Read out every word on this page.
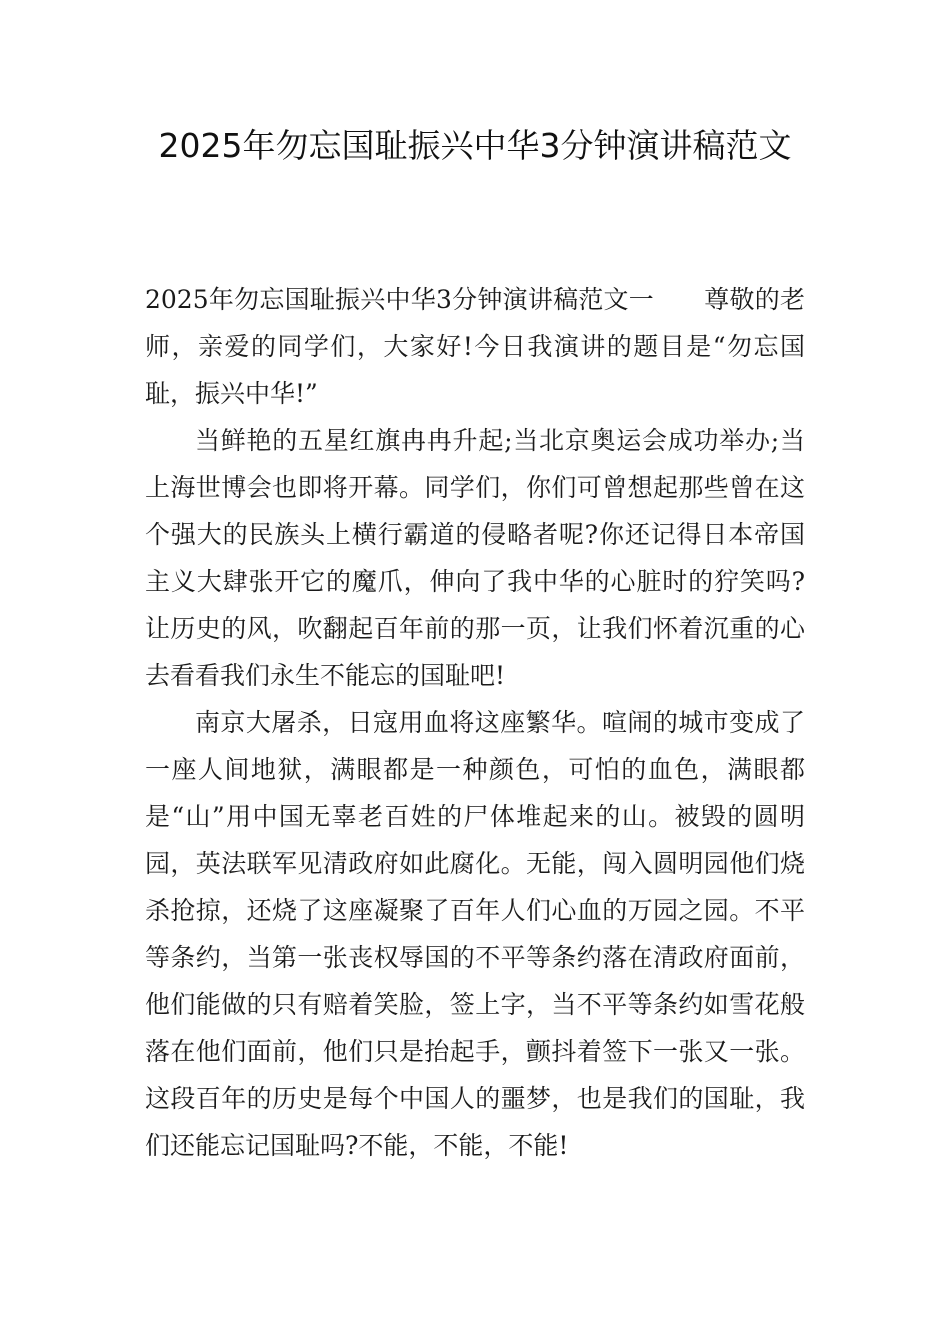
2025年勿忘国耻振兴中华3分钟演讲稿范文

2025年勿忘国耻振兴中华3分钟演讲稿范文一 尊敬的老师，亲爱的同学们，大家好!今日我演讲的题目是“勿忘国耻，振兴中华!”

当鲜艳的五星红旗冉冉升起;当北京奥运会成功举办;当上海世博会也即将开幕。同学们，你们可曾想起那些曾在这个强大的民族头上横行霸道的侵略者呢?你还记得日本帝国主义大肆张开它的魔爪，伸向了我中华的心脏时的狞笑吗?让历史的风，吹翻起百年前的那一页，让我们怀着沉重的心去看看我们永生不能忘的国耻吧!

南京大屠杀，日寇用血将这座繁华。喧闹的城市变成了一座人间地狱，满眼都是一种颜色，可怕的血色，满眼都是“山”用中国无辜老百姓的尸体堆起来的山。被毁的圆明园，英法联军见清政府如此腐化。无能，闯入圆明园他们烧杀抢掠，还烧了这座凝聚了百年人们心血的万园之园。不平等条约，当第一张丧权辱国的不平等条约落在清政府面前，他们能做的只有赔着笑脸，签上字，当不平等条约如雪花般落在他们面前，他们只是抬起手，颤抖着签下一张又一张。这段百年的历史是每个中国人的噩梦，也是我们的国耻，我们还能忘记国耻吗?不能，不能，不能!
